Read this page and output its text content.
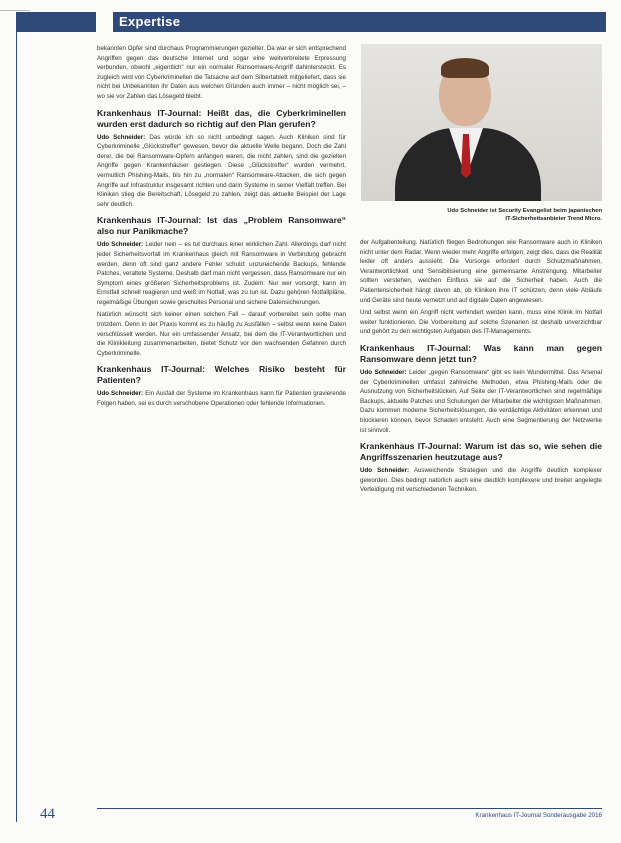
Expertise

bekannten Opfer sind durchaus Programmierungen gezielter. Da war er sich entsprechend Angriffen gegen das deutsche Internet und sogar eine weitverbreitete Erpressung verbunden, obwohl „eigentlich“ nur ein normaler Ransomware-Angriff dahintersteckt. Es zugleich wird von Cyberkriminellen die Tatsache auf dem Silbertablett mitgeliefert, dass sie nicht bei Unbekannten ihr Daten aus welchen Gründen auch immer – nicht möglich sei, – wo sie vor Zahlen das Lösegeld bleibt.

Krankenhaus IT-Journal: Heißt das, die Cyberkriminellen wurden erst dadurch so richtig auf den Plan gerufen?

Udo Schneider: Das würde ich so nicht unbedingt sagen. Auch Kliniken sind für Cyberkriminelle „Glückstreffer“ gewesen, bevor die aktuelle Welle begann. Doch die Zahl derer, die bei Ransomware-Opfern anfangen waren, die nicht zahlen, sind die gezielten Angriffe gegen Krankenhäuser gestiegen. Diese „Glückstreffer“ wurden vermehrt, vermutlich Phishing-Mails, bis hin zu „normalen“ Ransomware-Attacken, die sich gegen Angriffe auf Infrastruktur insgesamt richten und darin Systeme in seiner Vielfalt treffen. Bei Kliniken stieg die Bereitschaft, Lösegeld zu zahlen, zeigt das aktuelle Beispiel der Lage sehr deutlich.

Krankenhaus IT-Journal: Ist das „Problem Ransomware“ also nur Panikmache?

Udo Schneider: Leider nein – es tut durchaus einer wirklichen Zahl. Allerdings darf nicht jeder Sicherheitsvorfall im Krankenhaus gleich mit Ransomware in Verbindung gebracht werden, denn oft sind ganz andere Fehler schuld: unzureichende Backups, fehlende Patches, veraltete Systeme. Deshalb darf man nicht vergessen, dass Ransomware nur ein Symptom eines größeren Sicherheitsproblems ist. Zudem: Nur wer vorsorgt, kann im Ernstfall schnell reagieren und weiß im Notfall, was zu tun ist. Dazu gehören Notfallpläne, regelmäßige Übungen sowie geschultes Personal und sichere Datensicherungen.

Natürlich wünscht sich keiner einen solchen Fall – darauf vorbereitet sein sollte man trotzdem. Denn in der Praxis kommt es zu häufig zu Ausfällen – selbst wenn keine Daten verschlüsselt werden. Nur ein umfassender Ansatz, bei dem die IT-Verantwortlichen und die Klinikleitung zusammenarbeiten, bietet Schutz vor den wachsenden Gefahren durch Cyberkriminelle.

Krankenhaus IT-Journal: Welches Risiko besteht für Patienten?

Udo Schneider: Ein Ausfall der Systeme im Krankenhaus kann für Patienten gravierende Folgen haben, sei es durch verschobene Operationen oder fehlende Informationen.

Udo Schneider ist Security Evangelist beim japanischen
IT-Sicherheitsanbieter Trend Micro.

der Aufgabenteilung. Natürlich fliegen Bedrohungen wie Ransomware auch in Kliniken nicht unter dem Radar. Wenn wieder mehr Angriffe erfolgen, zeigt dies, dass die Realität leider oft anders aussieht. Die Vorsorge erfordert durch Schutzmaßnahmen, Verantwortlichkeit und Sensibilisierung eine gemeinsame Anstrengung. Mitarbeiter sollten verstehen, welchen Einfluss sie auf die Sicherheit haben. Auch die Patientensicherheit hängt davon ab, ob Kliniken ihre IT schützen, denn viele Abläufe und Geräte sind heute vernetzt und auf digitale Daten angewiesen.

Und selbst wenn ein Angriff nicht verhindert werden kann, muss eine Klinik im Notfall weiter funktionieren. Die Vorbereitung auf solche Szenarien ist deshalb unverzichtbar und gehört zu den wichtigsten Aufgaben des IT-Managements.

Krankenhaus IT-Journal: Was kann man gegen Ransomware denn jetzt tun?

Udo Schneider: Leider „gegen Ransomware“ gibt es kein Wundermittel. Das Arsenal der Cyberkriminellen umfasst zahlreiche Methoden, etwa Phishing-Mails oder die Ausnutzung von Sicherheitslücken. Auf Seite der IT-Verantwortlichen sind regelmäßige Backups, aktuelle Patches und Schulungen der Mitarbeiter die wichtigsten Maßnahmen. Dazu kommen moderne Sicherheitslösungen, die verdächtige Aktivitäten erkennen und blockieren können, bevor Schaden entsteht. Auch eine Segmentierung der Netzwerke ist sinnvoll.

Krankenhaus IT-Journal: Warum ist das so, wie sehen die Angriffsszenarien heutzutage aus?

Udo Schneider: Ausweichende Strategien und die Angriffe deutlich komplexer geworden. Dies bedingt natürlich auch eine deutlich komplexere und breiter angelegte Verteidigung mit verschiedenen Techniken.

44	Krankenhaus IT-Journal Sonderausgabe 2016
